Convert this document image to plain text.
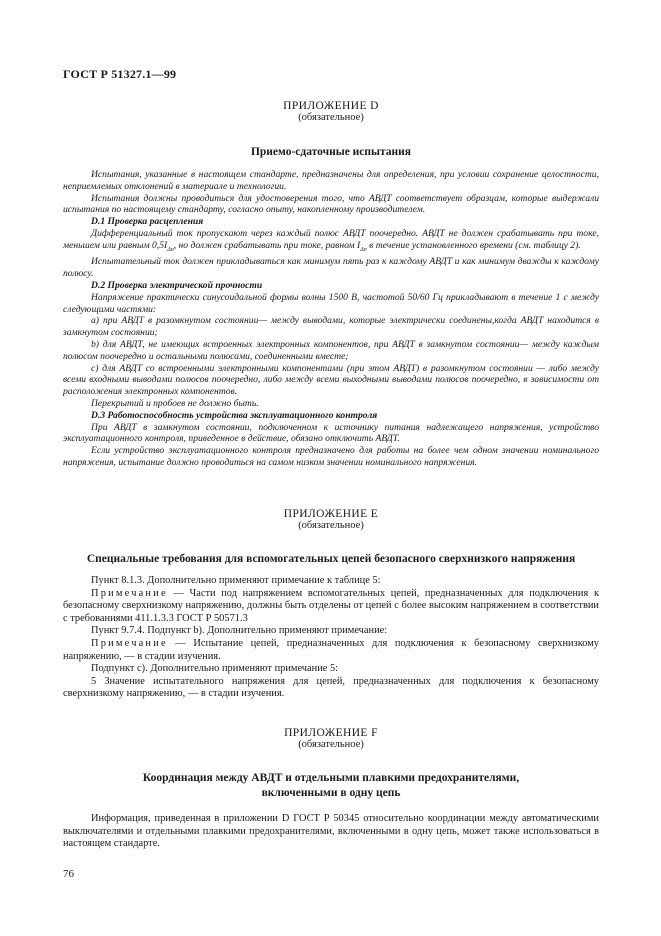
ГОСТ Р 51327.1—99
ПРИЛОЖЕНИЕ D
(обязательное)
Приемо-сдаточные испытания

Испытания, указанные в настоящем стандарте, предназначены для определения, при условии сохранение целостности, неприемлемых отклонений в материале и технологии.

Испытания должны проводиться для удостоверения того, что АВДТ соответствует образцам, которые выдержали испытания по настоящему стандарту, согласно опыту, накопленному производителем.

D.1 Проверка расцепления

Дифференциальный ток пропускают через каждый полюс АВДТ поочередно. АВДТ не должен срабатывать при токе, меньшем или равным $0,5I_{\Delta n}$, но должен срабатывать при токе, равном $I_{\Delta n}$ в течение установленного времени (см. таблицу 2).

Испытательный ток должен прикладываться как минимум пять раз к каждому АВДТ и как минимум дважды к каждому полюсу.

D.2 Проверка электрической прочности

Напряжение практически синусоидальной формы волны 1500 В, частотой 50/60 Гц прикладывают в течение 1 с между следующими частями:

а) при АВДТ в разомкнутом состоянии— между выводами, которые электрически соединены,когда АВДТ находится в замкнутом состоянии;

b) для АВДТ, не имеющих встроенных электронных компонентов, при АВДТ в замкнутом состоянии— между каждым полюсом поочередно и остальными полюсами, соединенными вместе;

с) для АВДТ со встроенными электронными компонентами (при этом АВДТ) в разомкнутом состоянии — либо между всеми входными выводами полюсов поочередно, либо между всеми выходными выводами полюсов поочередно, в зависимости от расположения электронных компонентов.

Перекрытий и пробоев не должно быть.

D.3 Работоспособность устройства эксплуатационного контроля

При АВДТ в замкнутом состоянии, подключенном к источнику питания надлежащего напряжения, устройство эксплуатационного контроля, приведенное в действие, обязано отключить АВДТ.

Если устройство эксплуатационного контроля предназначено для работы на более чем одном значении номинального напряжения, испытание должно проводиться на самом низком значении номинального напряжения.

ПРИЛОЖЕНИЕ Е
(обязательное)
Специальные требования для вспомогательных цепей безопасного сверхнизкого напряжения

Пункт 8.1.3. Дополнительно применяют примечание к таблице 5:

Примечание — Части под напряжением вспомогательных цепей, предназначенных для подключения к безопасному сверхнизкому напряжению, должны быть отделены от цепей с более высоким напряжением в соответствии с требованиями 411.1.3.3 ГОСТ Р 50571.3

Пункт 9.7.4. Подпункт b). Дополнительно применяют примечание:

Примечание — Испытание цепей, предназначенных для подключения к безопасному сверхнизкому напряжению, — в стадии изучения.

Подпункт с). Дополнительно применяют примечание 5:

5 Значение испытательного напряжения для цепей, предназначенных для подключения к безопасному сверхнизкому напряжению, — в стадии изучения.

ПРИЛОЖЕНИЕ F
(обязательное)
Координация между АВДТ и отдельными плавкими предохранителями,
включенными в одну цепь

Информация, приведенная в приложении D ГОСТ Р 50345 относительно координации между автоматическими выключателями и отдельными плавкими предохранителями, включенными в одну цепь, может также использоваться в настоящем стандарте.

76
